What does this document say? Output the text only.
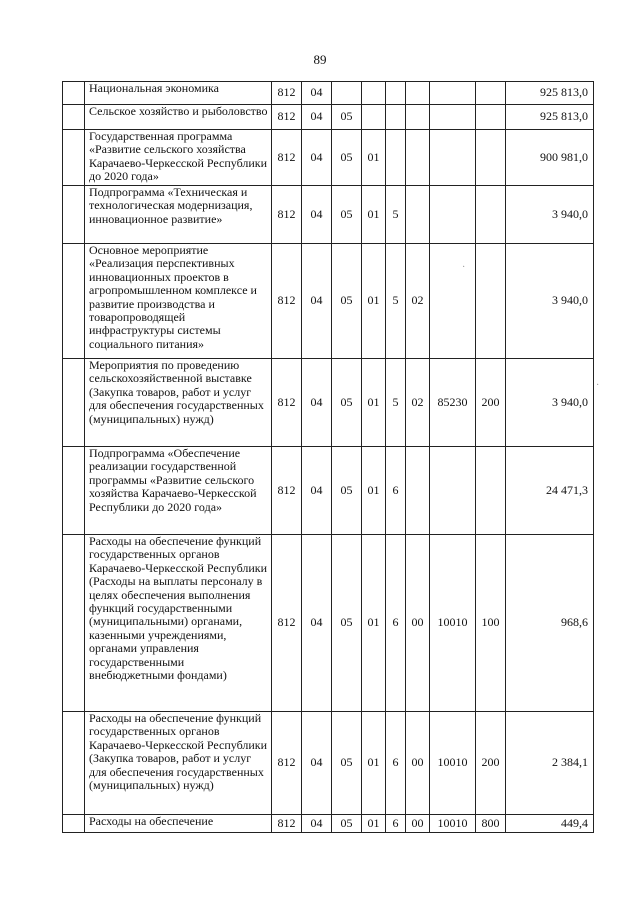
89
	Национальная экономика	812	04							925 813,0
	Сельское хозяйство и рыболовство	812	04	05						925 813,0
	Государственная программа «Развитие сельского хозяйства Карачаево-Черкесской Республики до 2020 года»	812	04	05	01					900 981,0
	Подпрограмма «Техническая и технологическая модернизация, инновационное развитие»	812	04	05	01	5				3 940,0
	Основное мероприятие «Реализация перспективных инновационных проектов в агропромышленном комплексе и развитие производства и товаропроводящей инфраструктуры системы социального питания»	812	04	05	01	5	02			3 940,0
	Мероприятия по проведению сельскохозяйственной выставке (Закупка товаров, работ и услуг для обеспечения государственных (муниципальных) нужд)	812	04	05	01	5	02	85230	200	3 940,0
	Подпрограмма «Обеспечение реализации государственной программы «Развитие сельского хозяйства Карачаево-Черкесской Республики до 2020 года»	812	04	05	01	6				24 471,3
	Расходы на обеспечение функций государственных органов Карачаево-Черкесской Республики (Расходы на выплаты персоналу в целях обеспечения выполнения функций государственными (муниципальными) органами, казенными учреждениями, органами управления государственными внебюджетными фондами)	812	04	05	01	6	00	10010	100	968,6
	Расходы на обеспечение функций государственных органов Карачаево-Черкесской Республики (Закупка товаров, работ и услуг для обеспечения государственных (муниципальных) нужд)	812	04	05	01	6	00	10010	200	2 384,1
	Расходы на обеспечение	812	04	05	01	6	00	10010	800	449,4
·
·
